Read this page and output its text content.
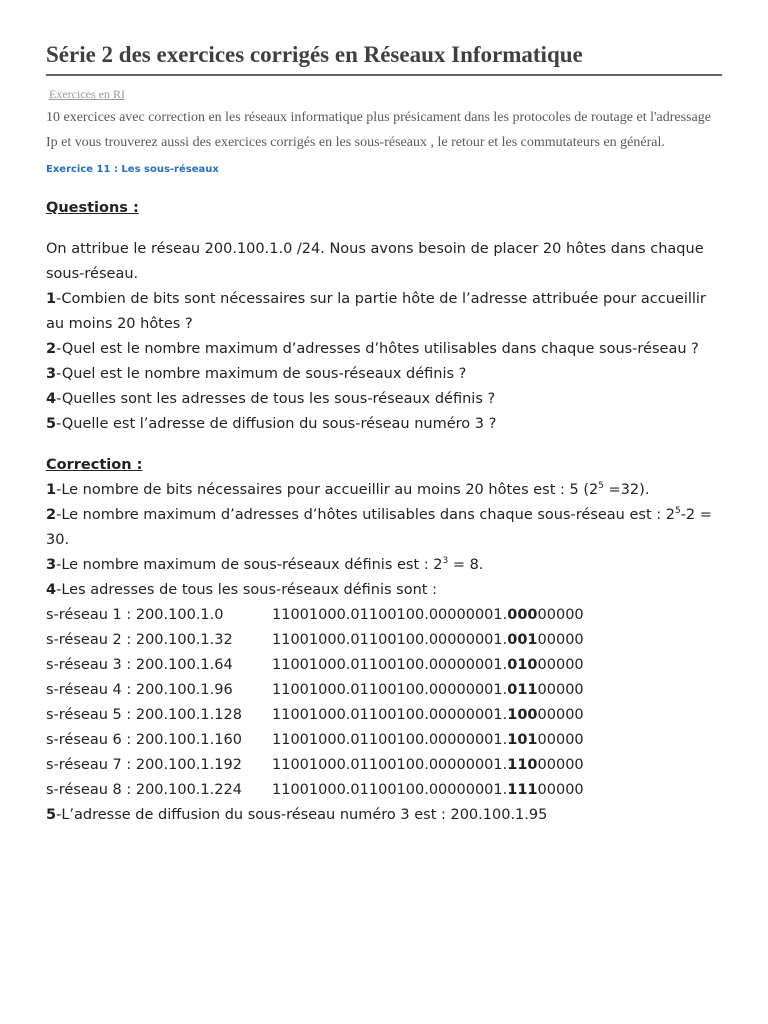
Série 2 des exercices corrigés en Réseaux Informatique
Exercices en RI

10 exercices avec correction en les réseaux informatique plus présicament dans les protocoles de routage et l'adressage Ip et vous trouverez aussi des exercices corrigés en les sous-réseaux , le retour et les commutateurs en général.

Exercice 11 : Les sous-réseaux
Questions :
On attribue le réseau 200.100.1.0 /24. Nous avons besoin de placer 20 hôtes dans chaque sous-réseau.

1-Combien de bits sont nécessaires sur la partie hôte de l’adresse attribuée pour accueillir au moins 20 hôtes ?

2-Quel est le nombre maximum d’adresses d’hôtes utilisables dans chaque sous-réseau ?

3-Quel est le nombre maximum de sous-réseaux définis ?

4-Quelles sont les adresses de tous les sous-réseaux définis ?

5-Quelle est l’adresse de diffusion du sous-réseau numéro 3 ?

Correction :

1-Le nombre de bits nécessaires pour accueillir au moins 20 hôtes est : 5 $(2^5 =32)$.

2-Le nombre maximum d’adresses d’hôtes utilisables dans chaque sous-réseau est : $2^5-2 = 30$.

3-Le nombre maximum de sous-réseaux définis est : $2^3 = 8$.

4-Les adresses de tous les sous-réseaux définis sont :

s-réseau 1 : 200.100.1.0	11001000.01100100.00000001.00000000
s-réseau 2 : 200.100.1.32	11001000.01100100.00000001.00100000
s-réseau 3 : 200.100.1.64	11001000.01100100.00000001.01000000
s-réseau 4 : 200.100.1.96	11001000.01100100.00000001.01100000
s-réseau 5 : 200.100.1.128 11001000.01100100.00000001.10000000
s-réseau 6 : 200.100.1.160 11001000.01100100.00000001.10100000
s-réseau 7 : 200.100.1.192 11001000.01100100.00000001.11000000
s-réseau 8 : 200.100.1.224 11001000.01100100.00000001.11100000

5-L’adresse de diffusion du sous-réseau numéro 3 est : 200.100.1.95
